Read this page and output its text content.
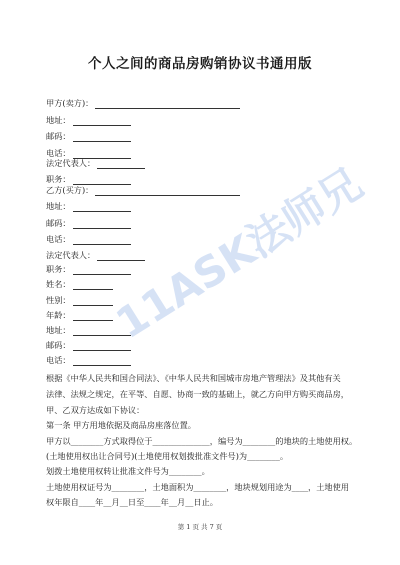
个人之间的商品房购销协议书通用版
甲方(卖方)：
地址：
邮码：
电话：
法定代表人：
职务：
乙方(买方)：
地址：
邮码：
电话：
法定代表人：
职务：
姓名：
性别：
年龄：
地址：
邮码：
电话：
根据《中华人民共和国合同法》、《中华人民共和国城市房地产管理法》及其他有关
法律、法规之规定，在平等、自愿、协商一致的基础上，就乙方向甲方购买商品房，
甲、乙双方达成如下协议：
第一条 甲方用地依据及商品房座落位置。
甲方以________方式取得位于______________，编号为________的地块的土地使用权。
(土地使用权出让合同号)(土地使用权划拨批准文件号)为________。
划拨土地使用权转让批准文件号为________。
土地使用权证号为________，土地面积为________，地块规划用途为____，土地使用
权年限自____年__月__日至____年__月__日止。
11ASK法师兄
第 1 页 共 7 页
